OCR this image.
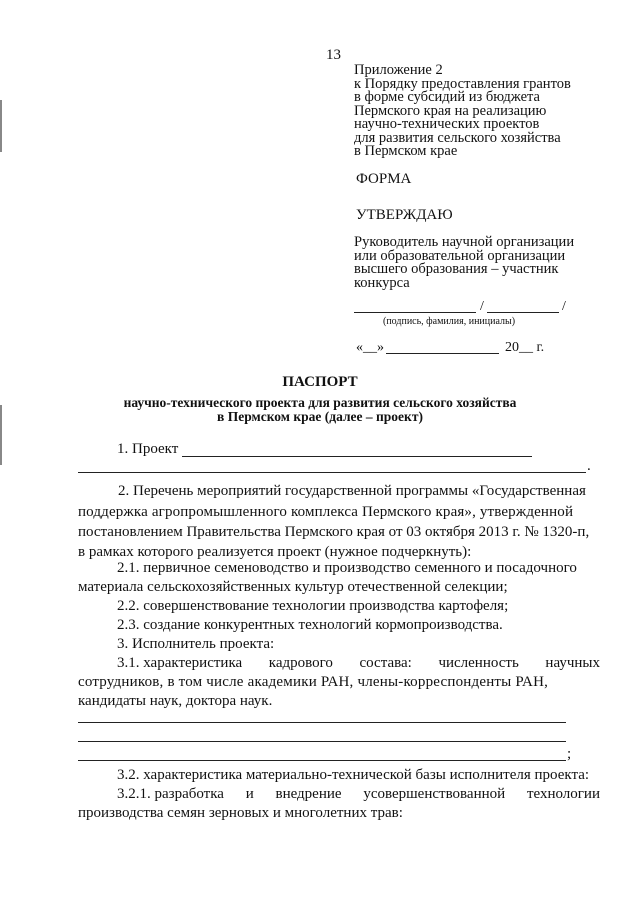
13
Приложение 2
к Порядку предоставления грантов
в форме субсидий из бюджета
Пермского края на реализацию
научно-технических проектов
для развития сельского хозяйства
в Пермском крае
ФОРМА
УТВЕРЖДАЮ
Руководитель научной организации
или образовательной организации
высшего образования – участник
конкурса
/	/
(подпись, фамилия, инициалы)
«__»	20__ г.
ПАСПОРТ
научно-технического проекта для развития сельского хозяйства
в Пермском крае (далее – проект)
1. Проект
.
2. Перечень мероприятий государственной программы «Государственная
поддержка агропромышленного комплекса Пермского края», утвержденной
постановлением Правительства Пермского края от 03 октября 2013 г. № 1320-п,
в рамках которого реализуется проект (нужное подчеркнуть):
2.1. первичное семеноводство и производство семенного и посадочного
материала сельскохозяйственных культур отечественной селекции;
2.2. совершенствование технологии производства картофеля;
2.3. создание конкурентных технологий кормопроизводства.
3. Исполнитель проекта:
3.1. характеристика кадрового состава: численность научных
сотрудников, в том числе академики РАН, члены-корреспонденты РАН,
кандидаты наук, доктора наук.
;
3.2. характеристика материально-технической базы исполнителя проекта:
3.2.1. разработка и внедрение усовершенствованной технологии
производства семян зерновых и многолетних трав:
